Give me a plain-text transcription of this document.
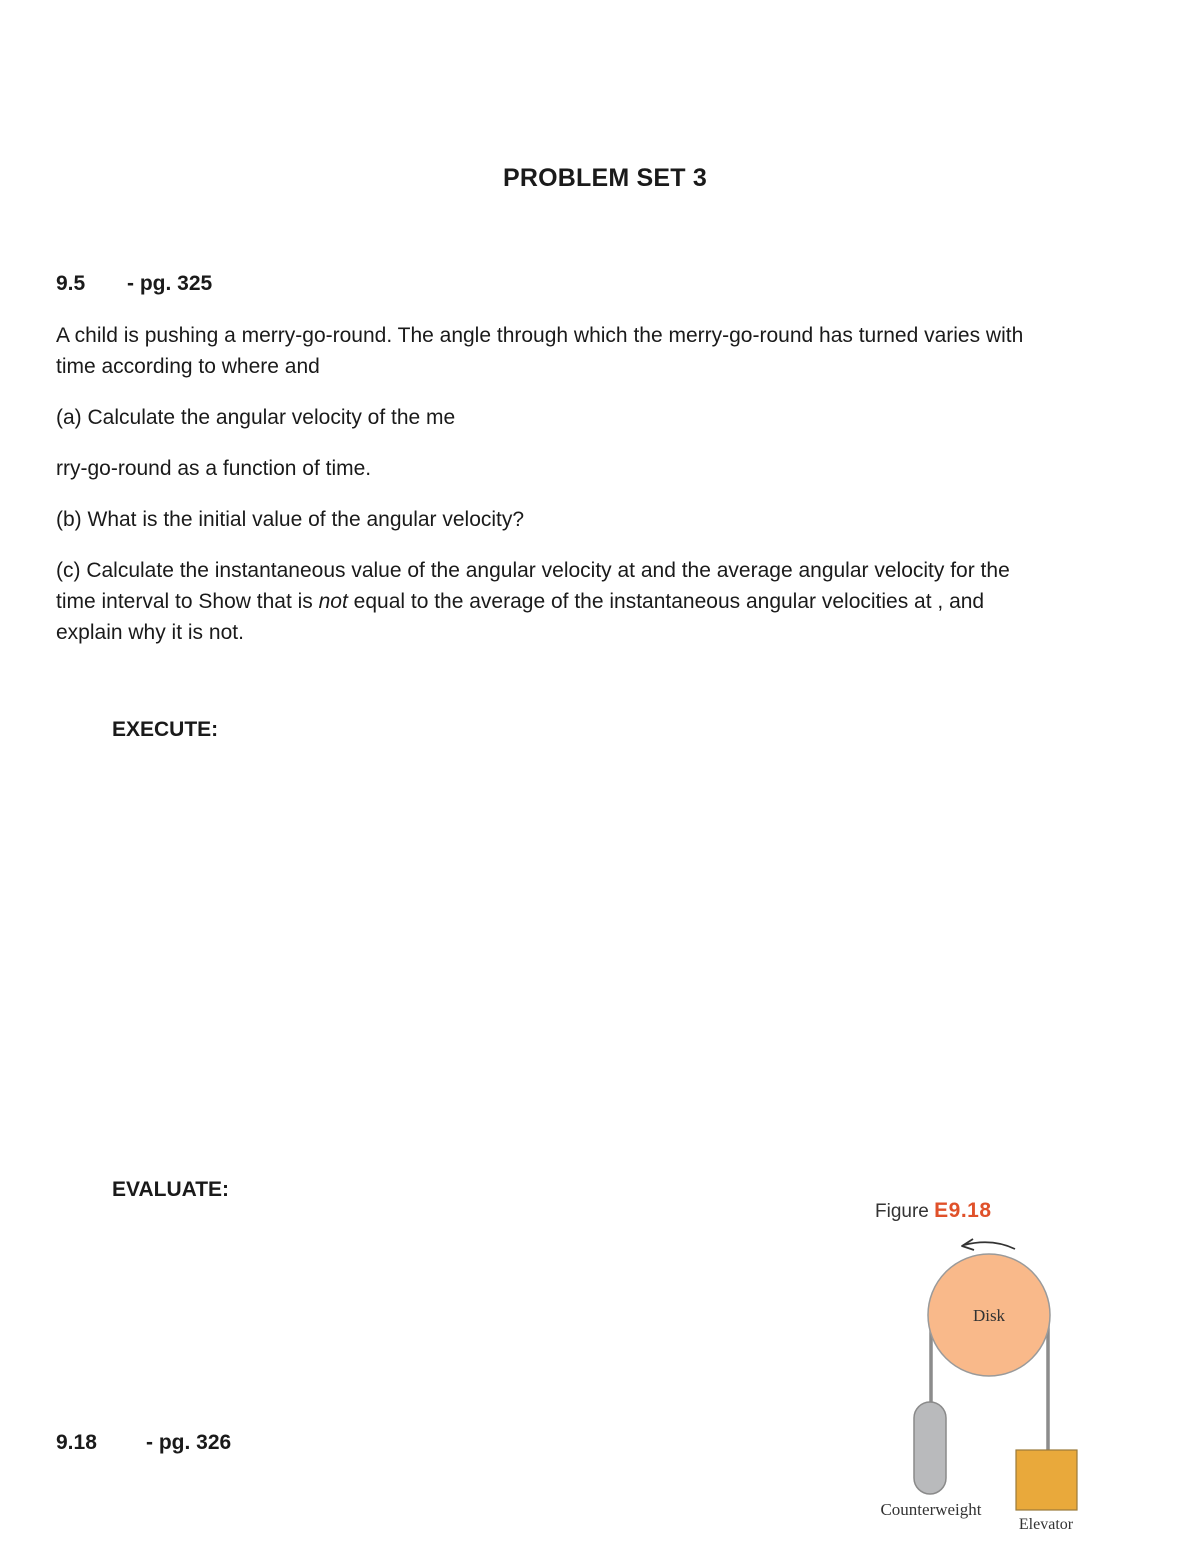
PROBLEM SET 3
9.5 - pg. 325
A child is pushing a merry-go-round. The angle through which the merry-go-round has turned varies with
time according to where and
(a) Calculate the angular velocity of the me
rry-go-round as a function of time.
(b) What is the initial value of the angular velocity?
(c) Calculate the instantaneous value of the angular velocity at and the average angular velocity for the
time interval to Show that is not equal to the average of the instantaneous angular velocities at , and
explain why it is not.
EXECUTE:
EVALUATE:
9.18 - pg. 326
Figure E9.18
Disk
Counterweight
Elevator
